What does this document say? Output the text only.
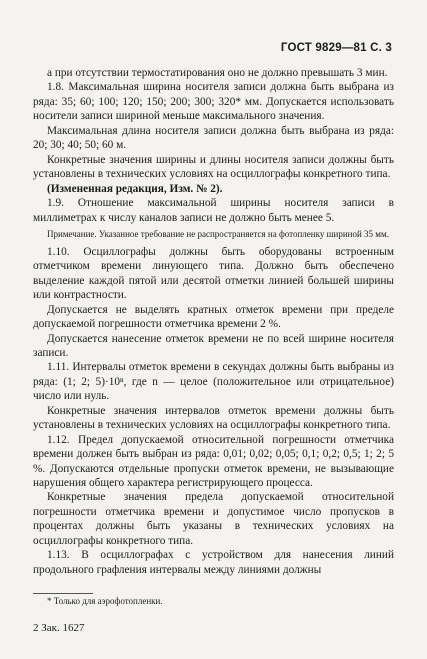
ГОСТ 9829—81 С. 3

а при отсутствии термостатирования оно не должно превышать 3 мин.

1.8. Максимальная ширина носителя записи должна быть выбрана из ряда: 35; 60; 100; 120; 150; 200; 300; 320* мм. Допускается использовать носители записи шириной меньше максимального значения.

Максимальная длина носителя записи должна быть выбрана из ряда: 20; 30; 40; 50; 60 м.

Конкретные значения ширины и длины носителя записи должны быть установлены в технических условиях на осциллографы конкретного типа.

(Измененная редакция, Изм. № 2).

1.9. Отношение максимальной ширины носителя записи в миллиметрах к числу каналов записи не должно быть менее 5.

Примечание. Указанное требование не распространяется на фотопленку шириной 35 мм.

1.10. Осциллографы должны быть оборудованы встроенным отметчиком времени линующего типа. Должно быть обеспечено выделение каждой пятой или десятой отметки линией большей ширины или контрастности.

Допускается не выделять кратных отметок времени при пределе допускаемой погрешности отметчика времени 2 %.

Допускается нанесение отметок времени не по всей ширине носителя записи.

1.11. Интервалы отметок времени в секундах должны быть выбраны из ряда: (1; 2; 5)·10ⁿ, где n — целое (положительное или отрицательное) число или нуль.

Конкретные значения интервалов отметок времени должны быть установлены в технических условиях на осциллографы конкретного типа.

1.12. Предел допускаемой относительной погрешности отметчика времени должен быть выбран из ряда: 0,01; 0,02; 0,05; 0,1; 0,2; 0,5; 1; 2; 5 %. Допускаются отдельные пропуски отметок времени, не вызывающие нарушения общего характера регистрирующего процесса.

Конкретные значения предела допускаемой относительной погрешности отметчика времени и допустимое число пропусков в процентах должны быть указаны в технических условиях на осциллографы конкретного типа.

1.13. В осциллографах с устройством для нанесения линий продольного графления интервалы между линиями должны

* Только для аэрофотопленки.
2 Зак. 1627
